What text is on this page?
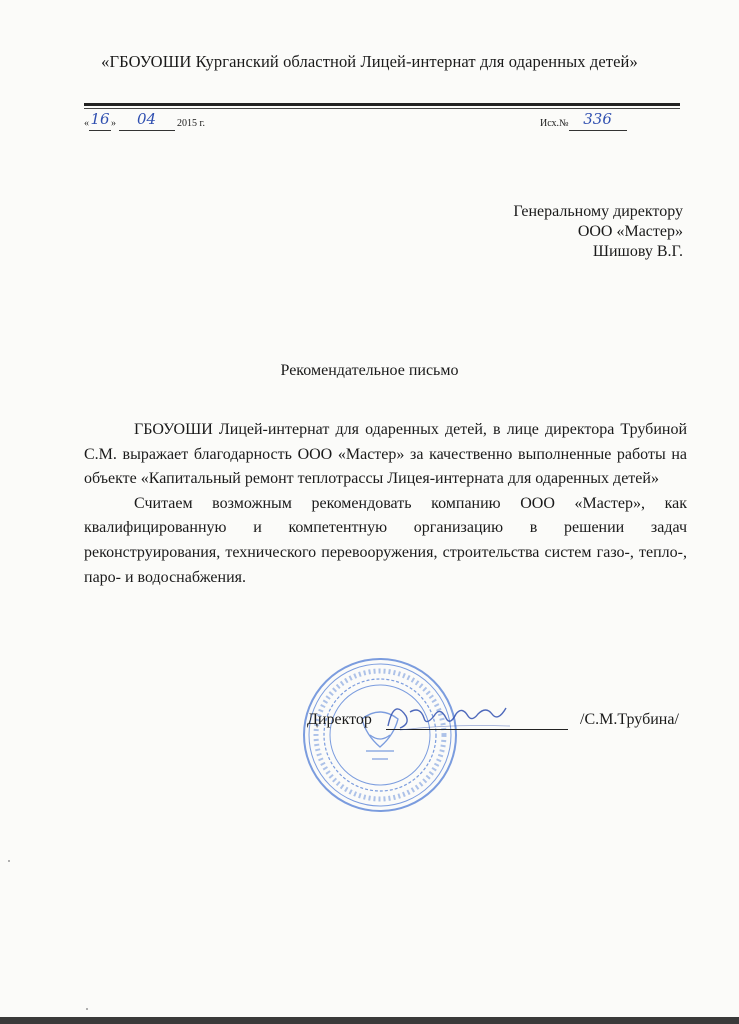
«ГБОУОШИ Курганский областной Лицей-интернат для одаренных детей»
«16» 04 2015 г.	Исх.№ 336
Генеральному директору
ООО «Мастер»
Шишову В.Г.
Рекомендательное письмо

ГБОУОШИ Лицей-интернат для одаренных детей, в лице директора Трубиной С.М. выражает благодарность ООО «Мастер» за качественно выполненные работы на объекте «Капитальный ремонт теплотрассы Лицея-интерната для одаренных детей»

Считаем возможным рекомендовать компанию ООО «Мастер», как квалифицированную и компетентную организацию в решении задач реконструирования, технического перевооружения, строительства систем газо-, тепло-, паро- и водоснабжения.

Директор	/С.М.Трубина/
